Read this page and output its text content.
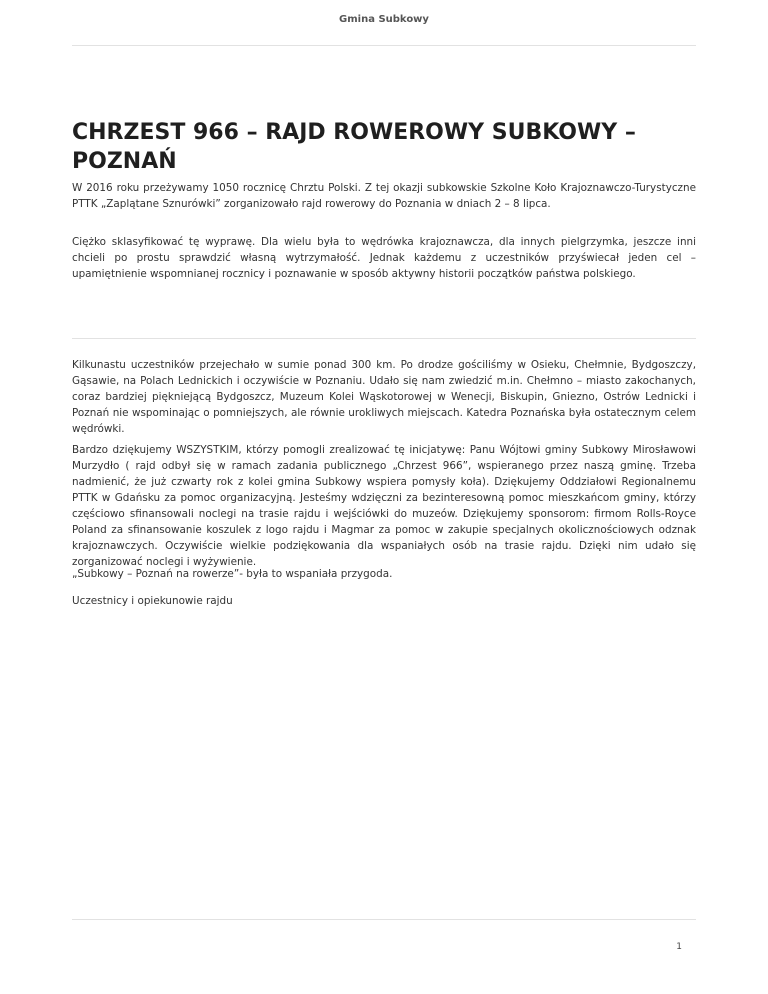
Gmina Subkowy

CHRZEST 966 – RAJD ROWEROWY SUBKOWY – POZNAŃ

W 2016 roku przeżywamy 1050 rocznicę Chrztu Polski. Z tej okazji subkowskie Szkolne Koło Krajoznawczo-Turystyczne PTTK „Zaplątane Sznurówki” zorganizowało rajd rowerowy do Poznania w dniach 2 – 8 lipca.

Ciężko sklasyfikować tę wyprawę. Dla wielu była to wędrówka krajoznawcza, dla innych pielgrzymka, jeszcze inni chcieli po prostu sprawdzić własną wytrzymałość. Jednak każdemu z uczestników przyświecał jeden cel – upamiętnienie wspomnianej rocznicy i poznawanie w sposób aktywny historii początków państwa polskiego.

Kilkunastu uczestników przejechało w sumie ponad 300 km. Po drodze gościliśmy w Osieku, Chełmnie, Bydgoszczy, Gąsawie, na Polach Lednickich i oczywiście w Poznaniu. Udało się nam zwiedzić m.in. Chełmno – miasto zakochanych, coraz bardziej piękniejącą Bydgoszcz, Muzeum Kolei Wąskotorowej w Wenecji, Biskupin, Gniezno, Ostrów Lednicki i Poznań nie wspominając o pomniejszych, ale równie urokliwych miejscach. Katedra Poznańska była ostatecznym celem wędrówki.

Bardzo dziękujemy WSZYSTKIM, którzy pomogli zrealizować tę inicjatywę: Panu Wójtowi gminy Subkowy Mirosławowi Murzydło ( rajd odbył się w ramach zadania publicznego „Chrzest 966”, wspieranego przez naszą gminę. Trzeba nadmienić, że już czwarty rok z kolei gmina Subkowy wspiera pomysły koła). Dziękujemy Oddziałowi Regionalnemu PTTK w Gdańsku za pomoc organizacyjną. Jesteśmy wdzięczni za bezinteresowną pomoc mieszkańcom gminy, którzy częściowo sfinansowali noclegi na trasie rajdu i wejściówki do muzeów. Dziękujemy sponsorom: firmom Rolls-Royce Poland za sfinansowanie koszulek z logo rajdu i Magmar za pomoc w zakupie specjalnych okolicznościowych odznak krajoznawczych. Oczywiście wielkie podziękowania dla wspaniałych osób na trasie rajdu. Dzięki nim udało się zorganizować noclegi i wyżywienie.

„Subkowy – Poznań na rowerze”- była to wspaniała przygoda.

Uczestnicy i opiekunowie rajdu

1
